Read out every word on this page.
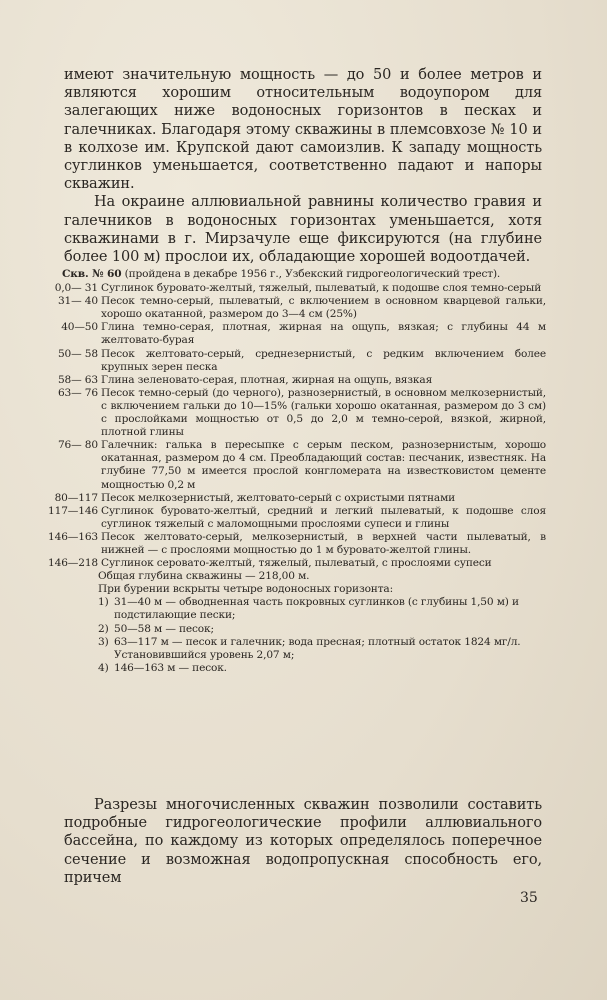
имеют значительную мощность — до 50 и более метров и являются хорошим относительным водоупором для залегающих ниже водоносных горизонтов в песках и галечниках. Благодаря этому скважины в племсовхозе № 10 и в колхозе им. Крупской дают самоизлив. К западу мощность суглинков уменьшается, соответственно падают и напоры скважин.

На окраине аллювиальной равнины количество гравия и галечников в водоносных горизонтах уменьшается, хотя скважинами в г. Мирзачуле еще фиксируются (на глубине более 100 м) прослои их, обладающие хорошей водоотдачей.

Скв. № 60 (пройдена в декабре 1956 г., Узбекский гидрогеологический трест).

0,0— 31 Суглинок буровато-желтый, тяжелый, пылеватый, к подошве слоя темно-серый
31— 40 Песок темно-серый, пылеватый, с включением в основном кварцевой гальки, хорошо окатанной, размером до 3—4 см (25%)
40—50 Глина темно-серая, плотная, жирная на ощупь, вязкая; с глубины 44 м желтовато-бурая
50— 58 Песок желтовато-серый, среднезернистый, с редким включением более крупных зерен песка
58— 63 Глина зеленовато-серая, плотная, жирная на ощупь, вязкая
63— 76 Песок темно-серый (до черного), разнозернистый, в основном мелкозернистый, с включением гальки до 10—15% (гальки хорошо окатанная, размером до 3 см) с прослойками мощностью от 0,5 до 2,0 м темно-серой, вязкой, жирной, плотной глины
76— 80 Галечник: галька в пересыпке с серым песком, разнозернистым, хорошо окатанная, размером до 4 см. Преобладающий состав: песчаник, известняк. На глубине 77,50 м имеется прослой конгломерата на известковистом цементе мощностью 0,2 м
80—117 Песок мелкозернистый, желтовато-серый с охристыми пятнами
117—146 Суглинок буровато-желтый, средний и легкий пылеватый, к подошве слоя суглинок тяжелый с маломощными прослоями супеси и глины
146—163 Песок желтовато-серый, мелкозернистый, в верхней части пылеватый, в нижней — с прослоями мощностью до 1 м буровато-желтой глины.
146—218 Суглинок серовато-желтый, тяжелый, пылеватый, с прослоями супеси

Общая глубина скважины — 218,00 м.

При бурении вскрыты четыре водоносных горизонта:

1) 31—40 м — обводненная часть покровных суглинков (с глубины 1,50 м) и подстилающие пески;
2) 50—58 м — песок;
3) 63—117 м — песок и галечник; вода пресная; плотный остаток 1824 мг/л. Установившийся уровень 2,07 м;
4) 146—163 м — песок.

Разрезы многочисленных скважин позволили составить подробные гидрогеологические профили аллювиального бассейна, по каждому из которых определялось поперечное сечение и возможная водопропускная способность его, причем

35
